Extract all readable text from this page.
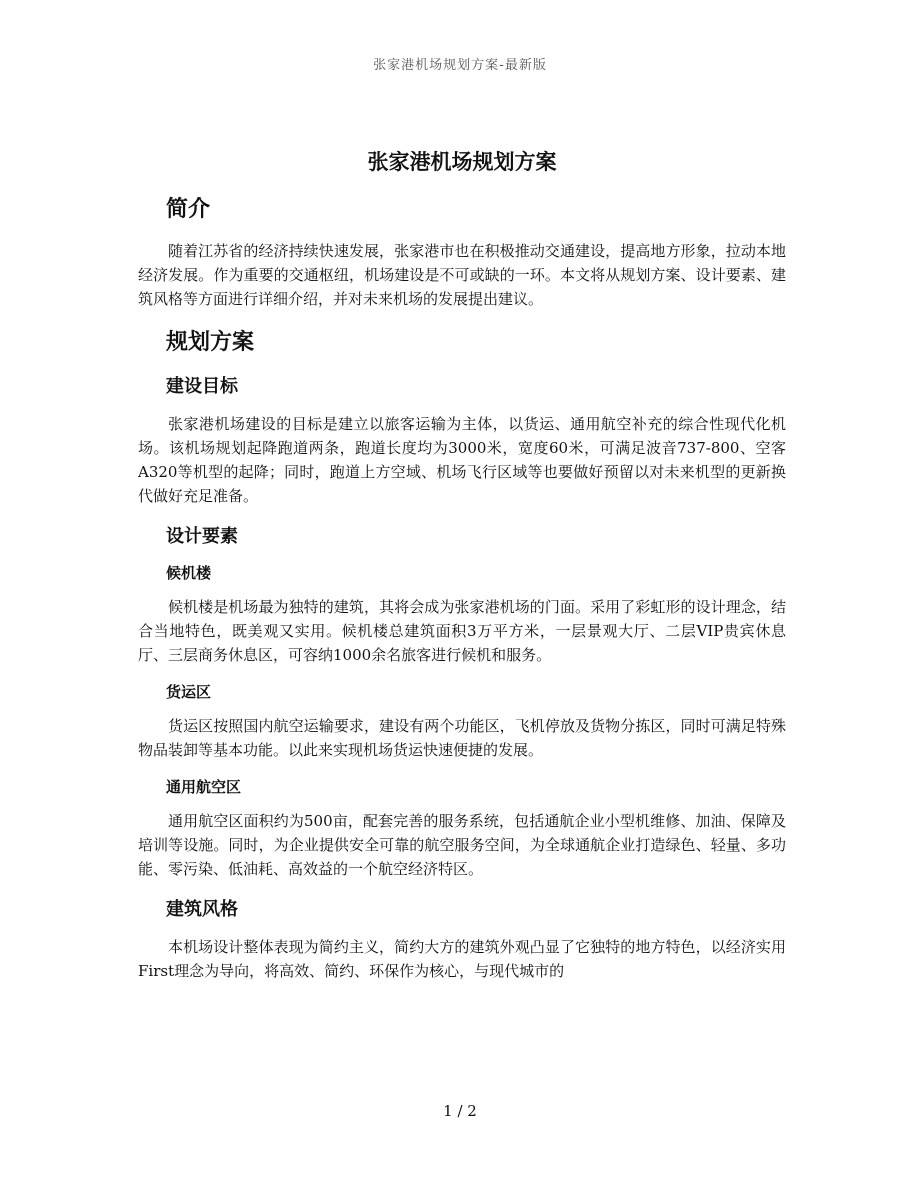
张家港机场规划方案-最新版
张家港机场规划方案
简介

随着江苏省的经济持续快速发展，张家港市也在积极推动交通建设，提高地方形象，拉动本地经济发展。作为重要的交通枢纽，机场建设是不可或缺的一环。本文将从规划方案、设计要素、建筑风格等方面进行详细介绍，并对未来机场的发展提出建议。

规划方案
建设目标

张家港机场建设的目标是建立以旅客运输为主体，以货运、通用航空补充的综合性现代化机场。该机场规划起降跑道两条，跑道长度均为3000米，宽度60米，可满足波音737-800、空客A320等机型的起降；同时，跑道上方空域、机场飞行区域等也要做好预留以对未来机型的更新换代做好充足准备。

设计要素
候机楼

候机楼是机场最为独特的建筑，其将会成为张家港机场的门面。采用了彩虹形的设计理念，结合当地特色，既美观又实用。候机楼总建筑面积3万平方米，一层景观大厅、二层VIP贵宾休息厅、三层商务休息区，可容纳1000余名旅客进行候机和服务。

货运区

货运区按照国内航空运输要求，建设有两个功能区，飞机停放及货物分拣区，同时可满足特殊物品装卸等基本功能。以此来实现机场货运快速便捷的发展。

通用航空区

通用航空区面积约为500亩，配套完善的服务系统，包括通航企业小型机维修、加油、保障及培训等设施。同时，为企业提供安全可靠的航空服务空间，为全球通航企业打造绿色、轻量、多功能、零污染、低油耗、高效益的一个航空经济特区。

建筑风格

本机场设计整体表现为简约主义，简约大方的建筑外观凸显了它独特的地方特色，以经济实用First理念为导向，将高效、简约、环保作为核心，与现代城市的

1 / 2
